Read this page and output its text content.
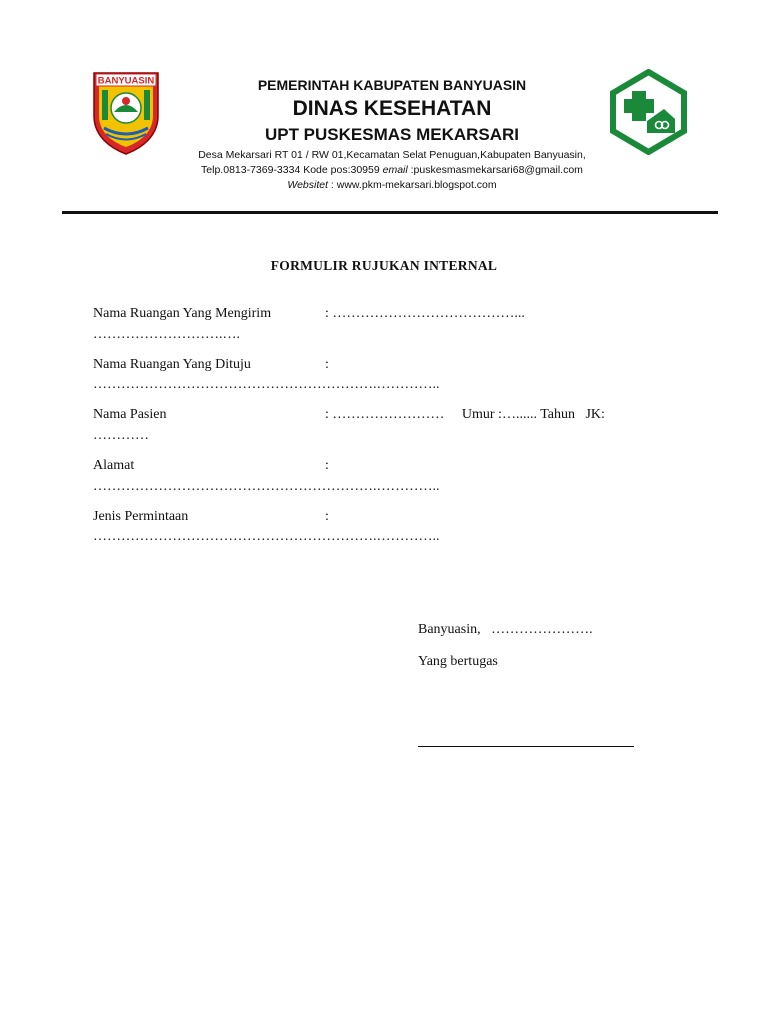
BANYUASIN	PEMERINTAH KABUPATEN BANYUASIN
DINAS KESEHATAN
UPT PUSKESMAS MEKARSARI
Desa Mekarsari RT 01 / RW 01,Kecamatan Selat Penuguan,Kabupaten Banyuasin,
Telp.0813-7369-3334 Kode pos:30959 email :puskesmasmekarsari68@gmail.com
Websitet : www.pkm-mekarsari.blogspot.com
FORMULIR RUJUKAN INTERNAL
Nama Ruangan Yang Mengirim	: …………………………………...
……………………….….
Nama Ruangan Yang Dituju	:
…………………………………………………….…………..
Nama Pasien	: ……………………     Umur :…...... Tahun   JK:
…………
Alamat	:
…………………………………………………….…………..
Jenis Permintaan	:
…………………………………………………….…………..
Banyuasin,   ………………….
Yang bertugas
